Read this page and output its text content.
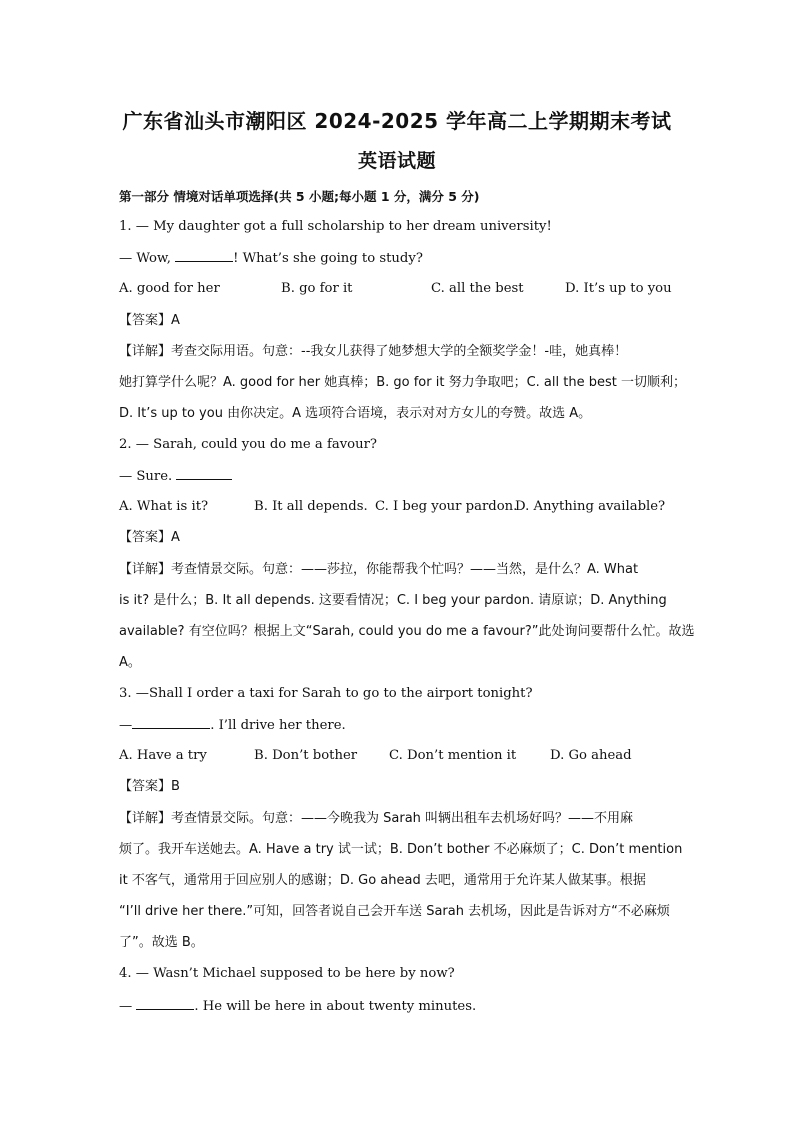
广东省汕头市潮阳区 2024-2025 学年高二上学期期末考试
英语试题
第一部分 情境对话单项选择(共 5 小题;每小题 1 分，满分 5 分)
1. — My daughter got a full scholarship to her dream university!
— Wow,	! What’s she going to study?
A. good for her	B. go for it	C. all the best	D. It’s up to you
【答案】A
【详解】考查交际用语。句意：--我女儿获得了她梦想大学的全额奖学金！-哇，她真棒！
她打算学什么呢？A. good for her 她真棒；B. go for it 努力争取吧；C. all the best 一切顺利；
D. It’s up to you 由你决定。A 选项符合语境，表示对对方女儿的夸赞。故选 A。
2. — Sarah, could you do me a favour?
— Sure.
A. What is it?	B. It all depends. C. I beg your pardon.
D. Anything available?
【答案】A
【详解】考查情景交际。句意：——莎拉，你能帮我个忙吗？——当然，是什么？A. What
is it? 是什么；B. It all depends. 这要看情况；C. I beg your pardon. 请原谅；D. Anything
available? 有空位吗？根据上文“Sarah, could you do me a favour?”此处询问要帮什么忙。故选
A。
3. —Shall I order a taxi for Sarah to go to the airport tonight?
—	. I’ll drive her there.
A. Have a try	B. Don’t bother C. Don’t mention it	D. Go ahead
【答案】B
【详解】考查情景交际。句意：——今晚我为 Sarah 叫辆出租车去机场好吗？——不用麻
烦了。我开车送她去。A. Have a try 试一试；B. Don’t bother 不必麻烦了；C. Don’t mention
it 不客气，通常用于回应别人的感谢；D. Go ahead 去吧，通常用于允许某人做某事。根据
“I’ll drive her there.”可知，回答者说自己会开车送 Sarah 去机场，因此是告诉对方“不必麻烦
了”。故选 B。
4. — Wasn’t Michael supposed to be here by now?
—	. He will be here in about twenty minutes.
